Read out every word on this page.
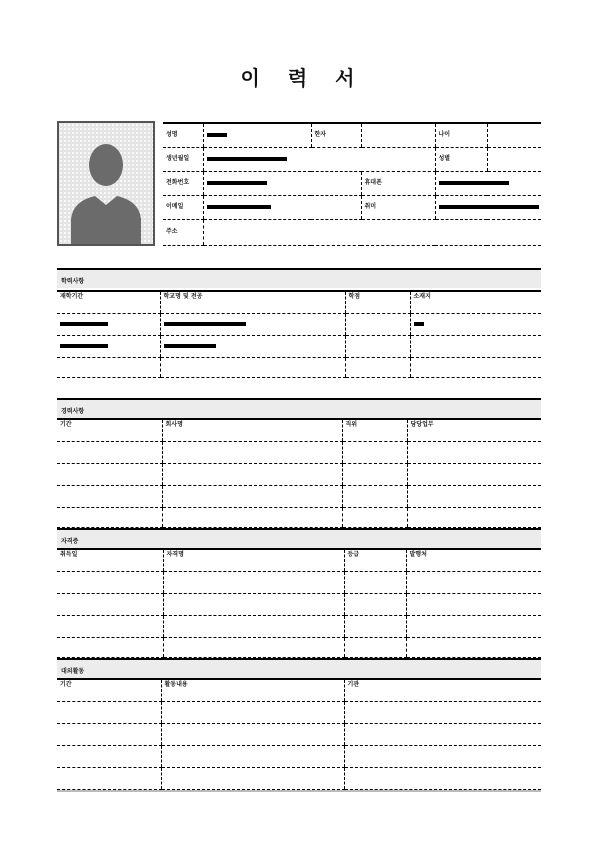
이 력 서
성명		한자		나이	
생년월일				성별	
전화번호			휴대폰		
이메일			취미		
주소					
학력사항
재학기간	학교명 및 전공	학점	소재지

경력사항
기간	회사명	직위	담당업무

자격증
취득일	자격명	등급	발행처

대외활동
기간	활동내용	기관
